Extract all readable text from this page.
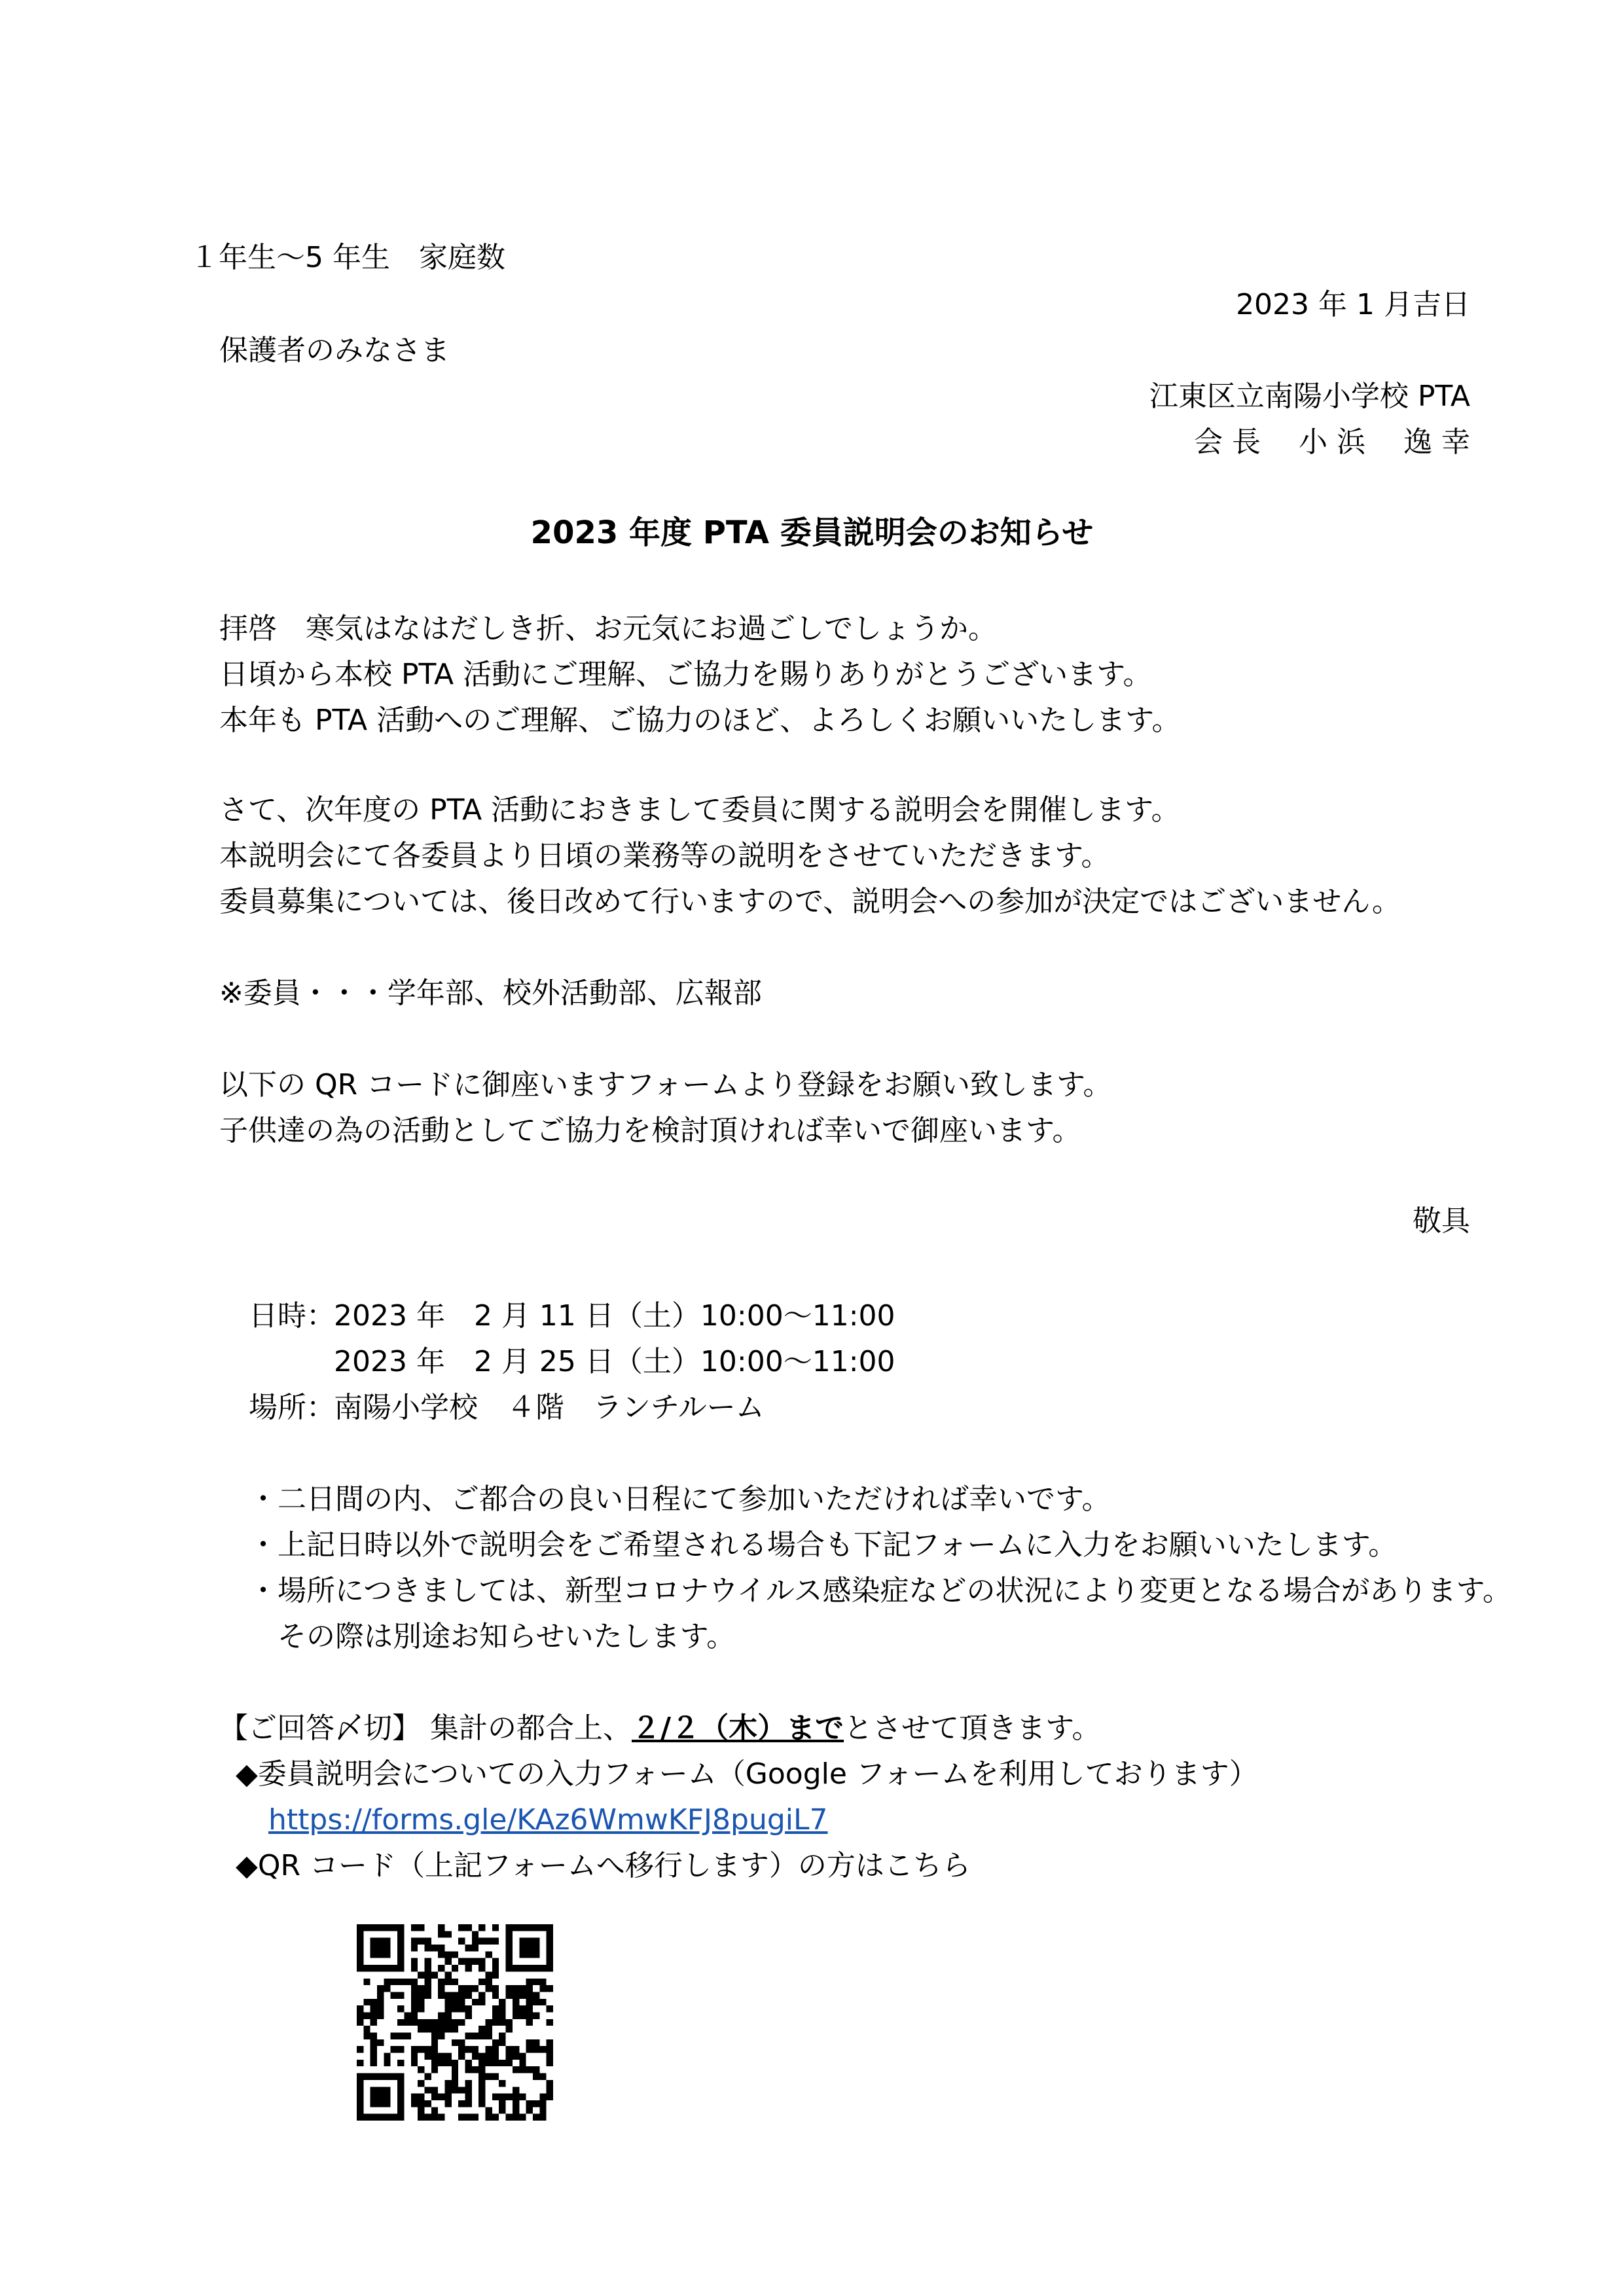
１年生～5 年生　家庭数
2023 年 1 月吉日
保護者のみなさま
江東区立南陽小学校 PTA
会 長　 小 浜　 逸 幸
2023 年度 PTA 委員説明会のお知らせ
拝啓　寒気はなはだしき折、お元気にお過ごしでしょうか。
日頃から本校 PTA 活動にご理解、ご協力を賜りありがとうございます。
本年も PTA 活動へのご理解、ご協力のほど、よろしくお願いいたします。
さて、次年度の PTA 活動におきまして委員に関する説明会を開催します。
本説明会にて各委員より日頃の業務等の説明をさせていただきます。
委員募集については、後日改めて行いますので、説明会への参加が決定ではございません。
※委員・・・学年部、校外活動部、広報部
以下の QR コードに御座いますフォームより登録をお願い致します。
子供達の為の活動としてご協力を検討頂ければ幸いで御座います。
敬具
日時：
2023 年　2 月 11 日（土）10:00～11:00
2023 年　2 月 25 日（土）10:00～11:00
場所：
南陽小学校　４階　ランチルーム
・二日間の内、ご都合の良い日程にて参加いただければ幸いです。
・上記日時以外で説明会をご希望される場合も下記フォームに入力をお願いいたします。
・場所につきましては、新型コロナウイルス感染症などの状況により変更となる場合があります。
　その際は別途お知らせいたします。
【ご回答〆切】 集計の都合上、２/２（木）までとさせて頂きます。
◆委員説明会についての入力フォーム（Google フォームを利用しております）
https://forms.gle/KAz6WmwKFJ8pugiL7
◆QR コード（上記フォームへ移行します）の方はこちら
